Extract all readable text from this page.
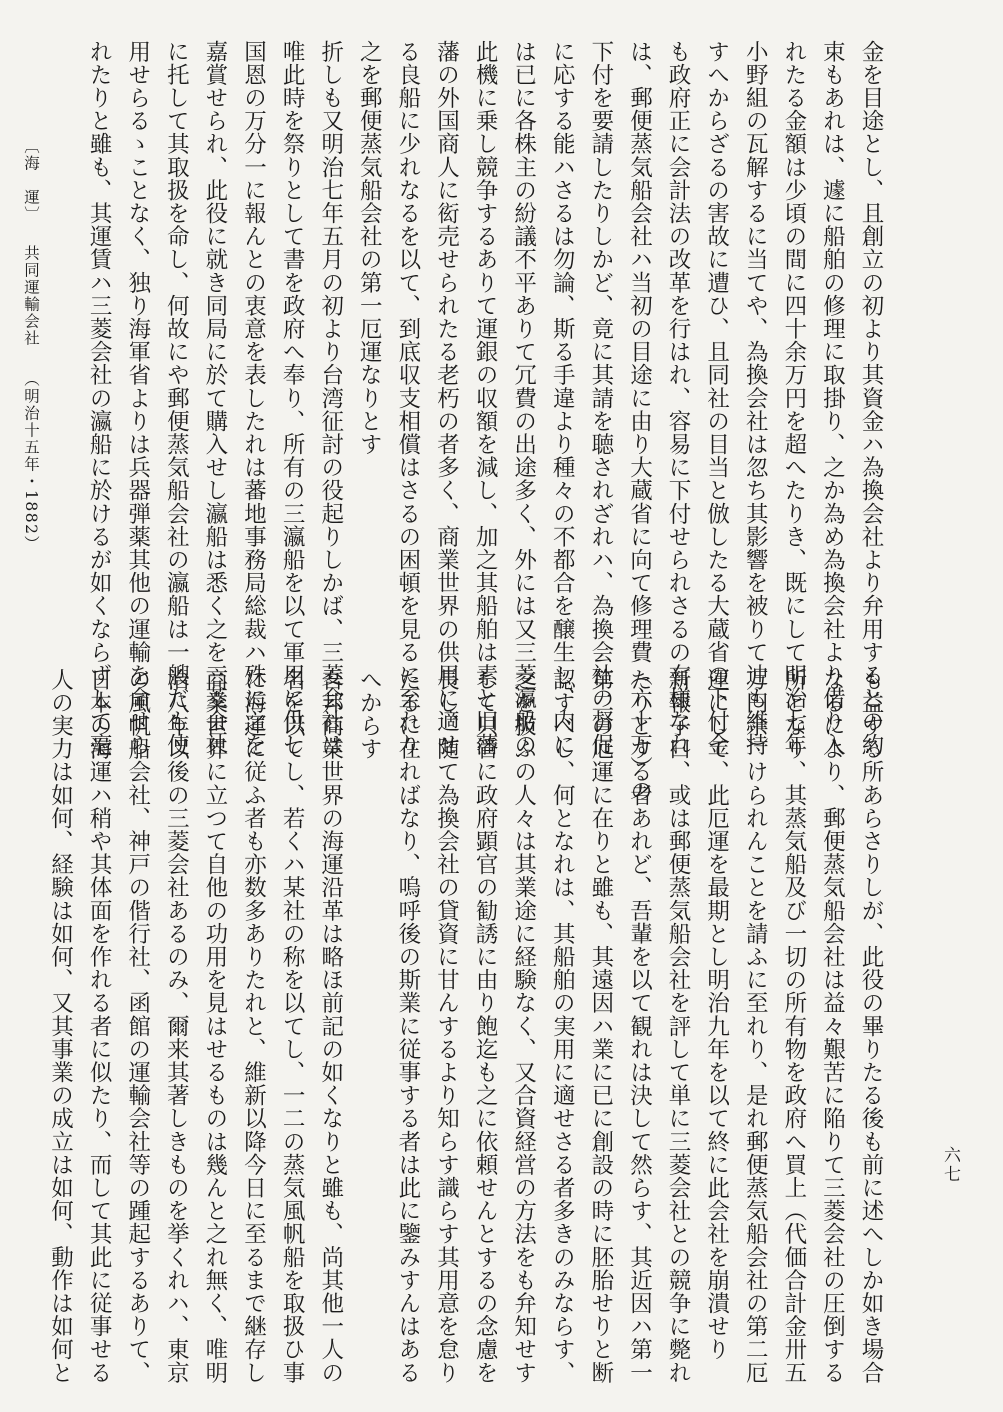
金を目途とし、且創立の初より其資金ハ為換会社より弁用するとの約
束もあれは、遽に船舶の修理に取掛り、之か為め為換会社より借り入
れたる金額は少頃の間に四十余万円を超へたりき、既にして明治七年
小野組の瓦解するに当てや、為換会社は忽ち其影響を被りて迚も維持
すへからざるの害故に遭ひ、且同社の目当と倣したる大蔵省の下付金
も政府正に会計法の改革を行はれ、容易に下付せられさるの有様なれ
は、郵便蒸気船会社ハ当初の目途に由り大蔵省に向て修理費（六十万）の
下付を要請したりしかど、竟に其請を聴されざれハ、為換会社の督促
に応する能ハさるは勿論、斯る手違より種々の不都合を醸生し、内に
は已に各株主の紛議不平ありて冗費の出途多く、外には又三菱瀛船の
此機に乗し競争するありて運銀の収額を減し、加之其船舶は素と旧藩
藩の外国商人に衒売せられたる老朽の者多く、商業世界の供用に適せ
る良船に少れなるを以て、到底収支相償はさるの困頓を見るに至れり
之を郵便蒸気船会社の第一厄運なりとす
折しも又明治七年五月の初より台湾征討の役起りしかば、三菱会社は
唯此時を祭りとして書を政府へ奉り、所有の三瀛船を以て軍用に供し
国恩の万分一に報んとの衷意を表したれは蕃地事務局総裁ハ殊に之を
嘉賞せられ、此役に就き同局に於て購入せし瀛船は悉く之を三菱会社
に托して其取扱を命し、何故にや郵便蒸気船会社の瀛船は一艘だも使
用せらるゝことなく、独り海軍省よりは兵器弾薬其他の運輸を命せら
れたりと雖も、其運賃ハ三菱会社の瀛船に於けるが如くならずして毫
も益する所あらさりしが、此役の畢りたる後も前に述へしか如き場合
なるにより、郵便蒸気船会社は益々艱苦に陥りて三菱会社の圧倒する
所となり、其蒸気船及び一切の所有物を政府へ買上（代価合計金卅五
万円余）けられんことを請ふに至れり、是れ郵便蒸気船会社の第二厄
運にして、此厄運を最期とし明治九年を以て終に此会社を崩潰せり
新報子曰、或は郵便蒸気船会社を評して単に三菱会社との競争に斃れ
たりとする者あれど、吾輩を以て観れは決して然らす、其近因ハ第一
第二の厄運に在りと雖も、其遠因ハ業に已に創設の時に胚胎せりと断
認すべし、何となれは、其船舶の実用に適せさる者多きのみならす、
之を扱ふの人々は其業途に経験なく、又合資経営の方法をも弁知せす
して只管に政府顕官の勧誘に由り飽迄も之に依頼せんとするの念慮を
長し、随て為換会社の貸資に甘んするより知らす識らす其用意を怠り
たるに在ればなり、嗚呼後の斯業に従事する者は此に鑒みすんはある
へからす
吾邦商業世界の海運沿革は略ほ前記の如くなりと雖も、尚其他一人の
名を以てし、若くハ某社の称を以てし、一二の蒸気風帆船を取扱ひ事
に海運に従ふ者も亦数多ありたれと、維新以降今日に至るまで継存し
商業世界に立つて自他の功用を見はせるものは幾んと之れ無く、唯明
治八年以後の三菱会社あるのみ、爾来其著しきものを挙くれハ、東京
の風帆船会社、神戸の偕行社、函館の運輸会社等の踵起するありて、
日本の海運ハ稍や其体面を作れる者に似たり、而して其此に従事せる
人の実力は如何、経験は如何、又其事業の成立は如何、動作は如何と	六七
〔海　運〕共同運輸会社（明治十五年・1882）
